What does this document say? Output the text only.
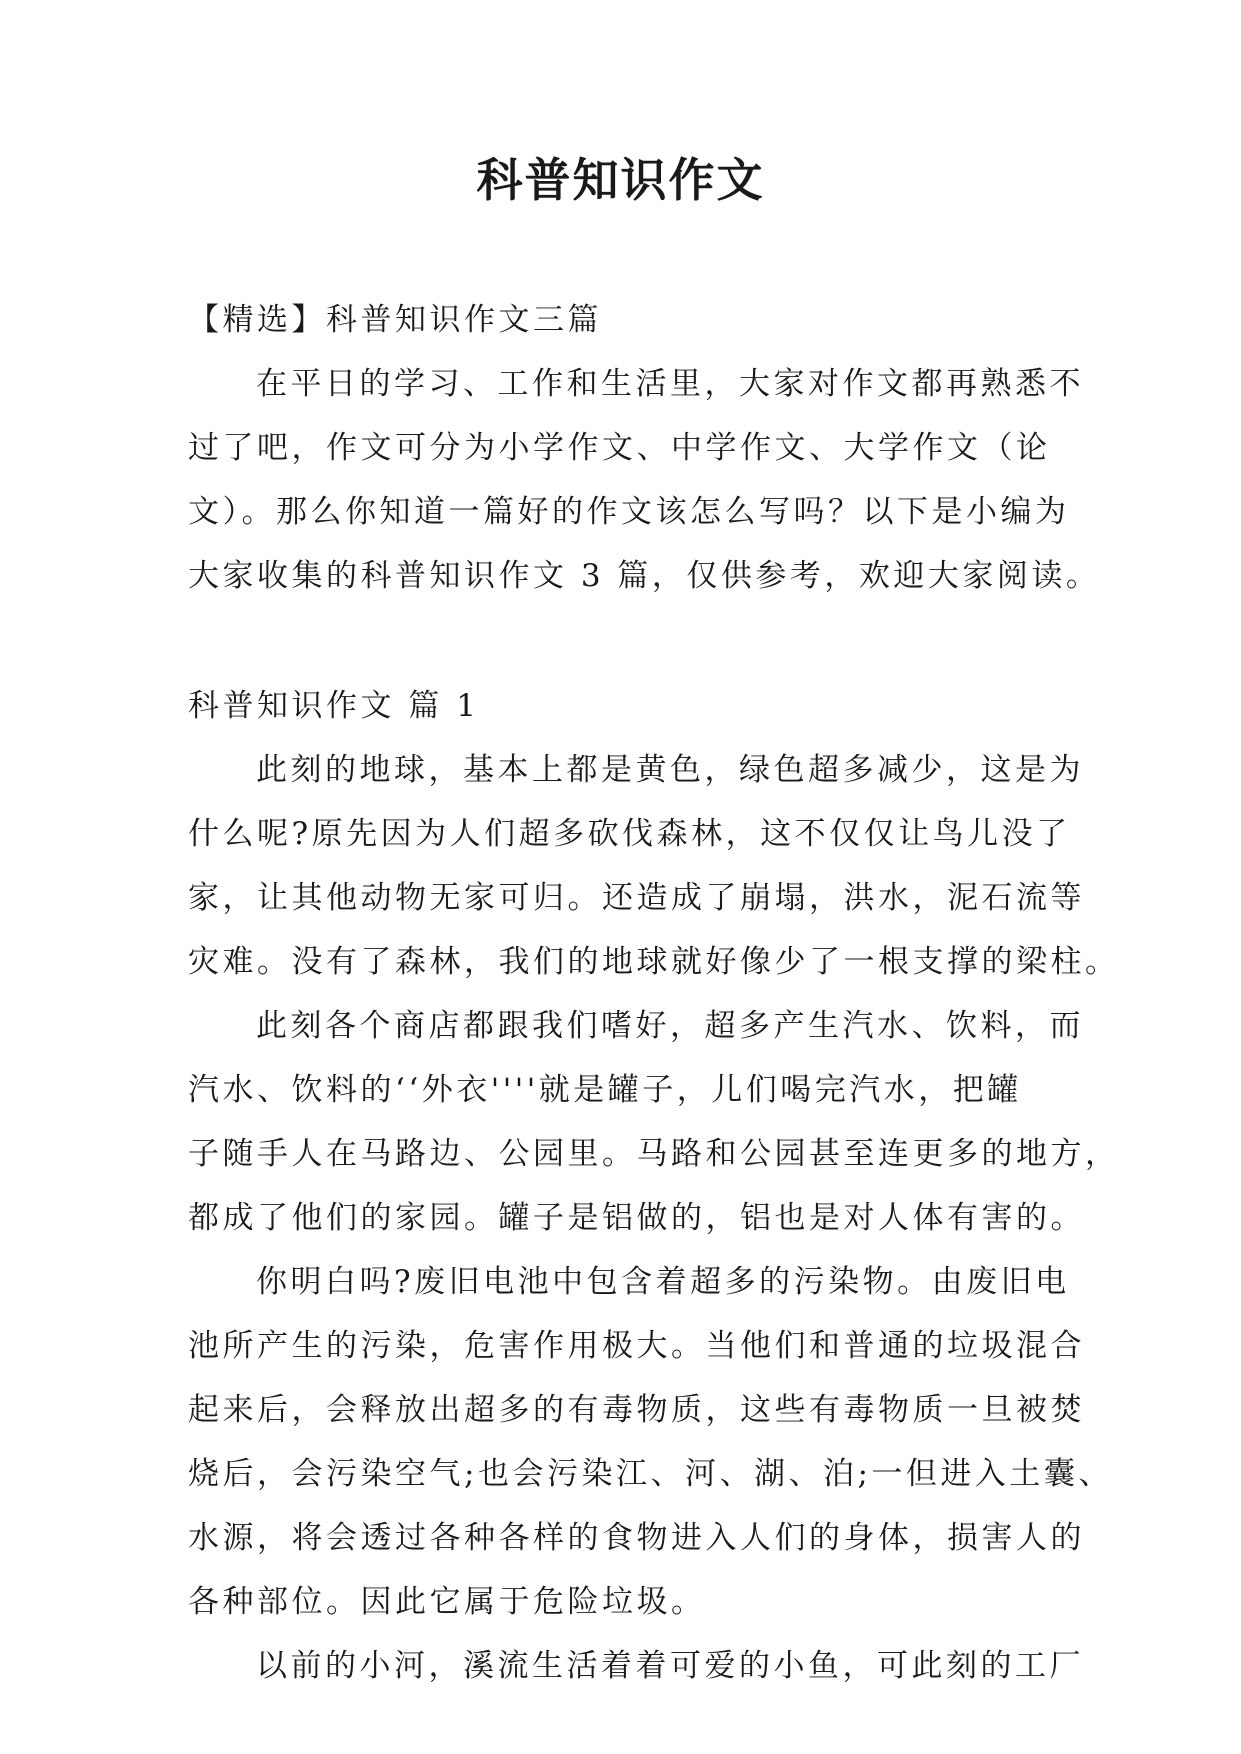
科普知识作文
【精选】科普知识作文三篇
在平日的学习、工作和生活里，大家对作文都再熟悉不
过了吧，作文可分为小学作文、中学作文、大学作文（论
文）。那么你知道一篇好的作文该怎么写吗？以下是小编为
大家收集的科普知识作文 3 篇，仅供参考，欢迎大家阅读。
科普知识作文 篇 1
此刻的地球，基本上都是黄色，绿色超多减少，这是为
什么呢?原先因为人们超多砍伐森林，这不仅仅让鸟儿没了
家，让其他动物无家可归。还造成了崩塌，洪水，泥石流等
灾难。没有了森林，我们的地球就好像少了一根支撑的梁柱。
此刻各个商店都跟我们嗜好，超多产生汽水、饮料，而
汽水、饮料的‘‘外衣''''就是罐子，儿们喝完汽水，把罐
子随手人在马路边、公园里。马路和公园甚至连更多的地方，
都成了他们的家园。罐子是铝做的，铝也是对人体有害的。
你明白吗?废旧电池中包含着超多的污染物。由废旧电
池所产生的污染，危害作用极大。当他们和普通的垃圾混合
起来后，会释放出超多的有毒物质，这些有毒物质一旦被焚
烧后，会污染空气;也会污染江、河、湖、泊;一但进入土囊、
水源，将会透过各种各样的食物进入人们的身体，损害人的
各种部位。因此它属于危险垃圾。
以前的小河，溪流生活着着可爱的小鱼，可此刻的工厂
